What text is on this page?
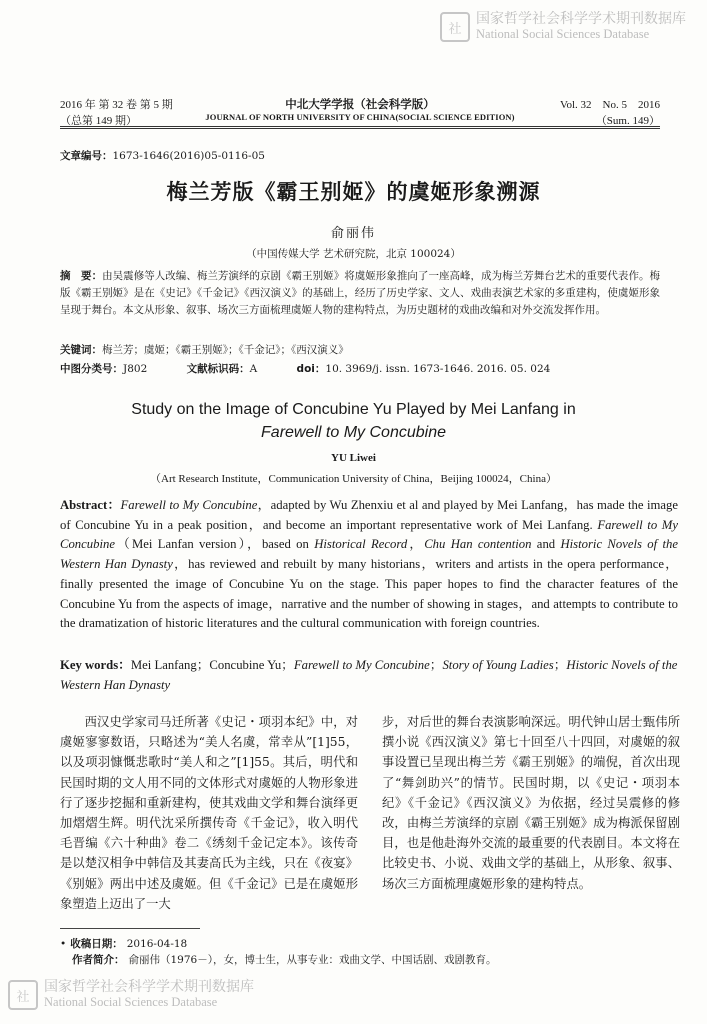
社
国家哲学社会科学学术期刊数据库
National Social Sciences Database
2016 年 第 32 卷 第 5 期
（总第 149 期）
中北大学学报（社会科学版）
JOURNAL OF NORTH UNIVERSITY OF CHINA(SOCIAL SCIENCE EDITION)
Vol. 32　No. 5　2016
（Sum. 149）
文章编号：1673-1646(2016)05-0116-05
梅兰芳版《霸王别姬》的虞姬形象溯源
俞丽伟
（中国传媒大学 艺术研究院，北京 100024）
摘　要：由吴震修等人改编、梅兰芳演绎的京剧《霸王别姬》将虞姬形象推向了一座高峰，成为梅兰芳舞台艺术的重要代表作。梅版《霸王别姬》是在《史记》《千金记》《西汉演义》的基础上，经历了历史学家、文人、戏曲表演艺术家的多重建构，使虞姬形象呈现于舞台。本文从形象、叙事、场次三方面梳理虞姬人物的建构特点，为历史题材的戏曲改编和对外交流发挥作用。
关键词：梅兰芳；虞姬；《霸王别姬》；《千金记》；《西汉演义》
中图分类号：J802	文献标识码：A	doi：10. 3969/j. issn. 1673-1646. 2016. 05. 024
Study on the Image of Concubine Yu Played by Mei Lanfang in
Farewell to My Concubine
YU Liwei
（Art Research Institute，Communication University of China，Beijing 100024，China）
Abstract：Farewell to My Concubine，adapted by Wu Zhenxiu et al and played by Mei Lanfang，has made the image of Concubine Yu in a peak position，and become an important representative work of Mei Lanfang. Farewell to My Concubine（Mei Lanfan version），based on Historical Record，Chu Han contention and Historic Novels of the Western Han Dynasty，has reviewed and rebuilt by many historians，writers and artists in the opera performance，finally presented the image of Concubine Yu on the stage. This paper hopes to find the character features of the Concubine Yu from the aspects of image，narrative and the number of showing in stages，and attempts to contribute to the dramatization of historic literatures and the cultural communication with foreign countries.
Key words：Mei Lanfang；Concubine Yu；Farewell to My Concubine；Story of Young Ladies；Historic Novels of the Western Han Dynasty
西汉史学家司马迁所著《史记・项羽本纪》中，对虞姬寥寥数语，只略述为“美人名虞，常幸从”[1]55，以及项羽慷慨悲歌时“美人和之”[1]55。其后，明代和民国时期的文人用不同的文体形式对虞姬的人物形象进行了逐步挖掘和重新建构，使其戏曲文学和舞台演绎更加熠熠生辉。明代沈采所撰传奇《千金记》，收入明代毛晋编《六十种曲》卷二《绣刻千金记定本》。该传奇是以楚汉相争中韩信及其妻高氏为主线，只在《夜宴》《别姬》两出中述及虞姬。但《千金记》已是在虞姬形象塑造上迈出了一大

步，对后世的舞台表演影响深远。明代钟山居士甄伟所撰小说《西汉演义》第七十回至八十四回，对虞姬的叙事设置已呈现出梅兰芳《霸王别姬》的端倪，首次出现了“舞剑助兴”的情节。民国时期，以《史记・项羽本纪》《千金记》《西汉演义》为依据，经过吴震修的修改，由梅兰芳演绎的京剧《霸王别姬》成为梅派保留剧目，也是他赴海外交流的最重要的代表剧目。本文将在比较史书、小说、戏曲文学的基础上，从形象、叙事、场次三方面梳理虞姬形象的建构特点。

• 收稿日期： 2016-04-18
作者简介： 俞丽伟（1976－），女，博士生，从事专业：戏曲文学、中国话剧、戏剧教育。
社
国家哲学社会科学学术期刊数据库
National Social Sciences Database
